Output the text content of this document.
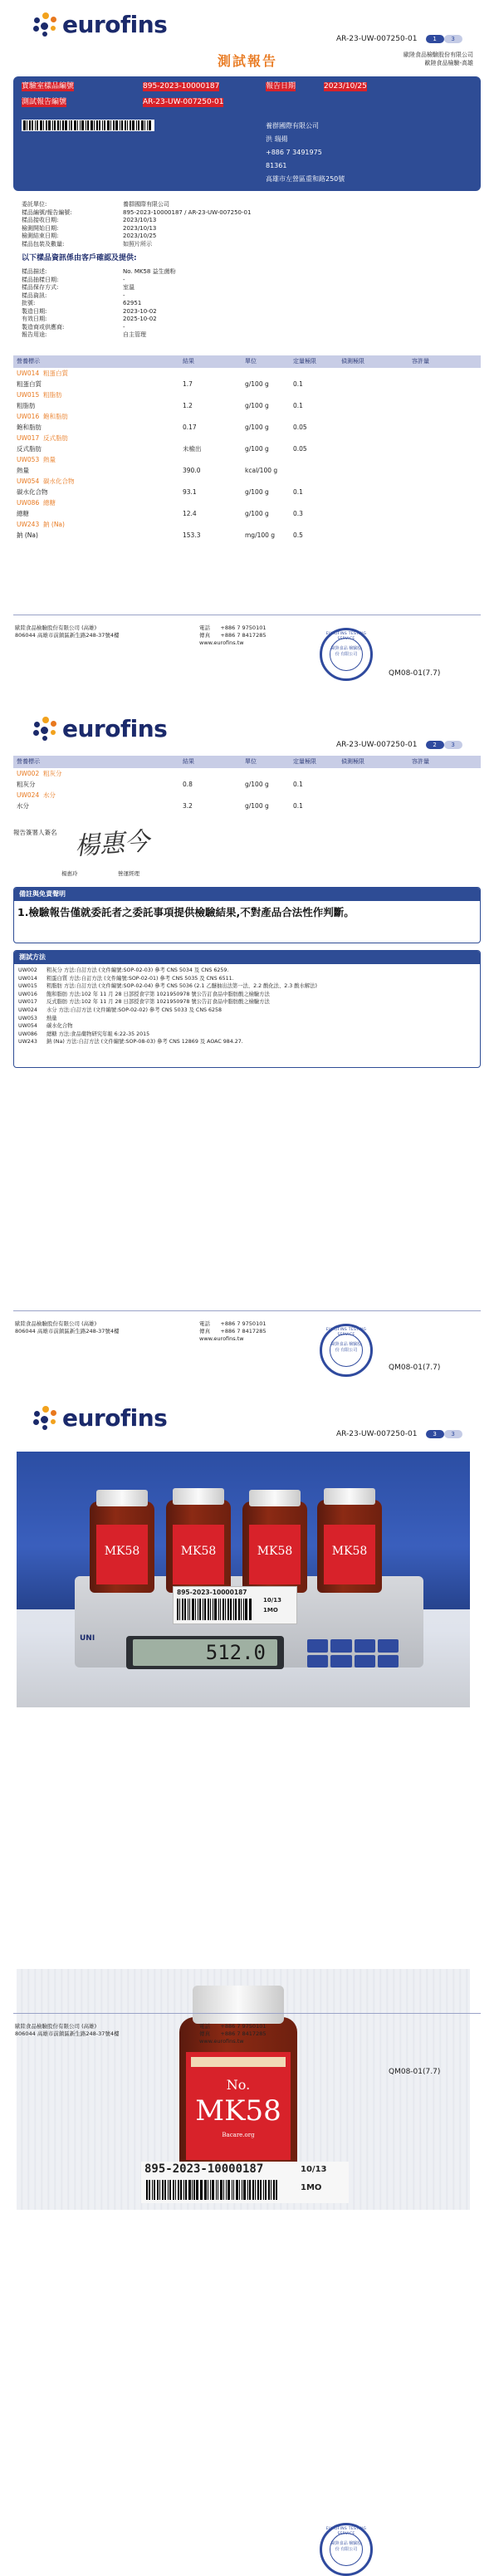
eurofins
AR-23-UW-007250-01	1	3
測試報告	歐陸食品檢驗股份有限公司
歐陸食品檢驗-高雄
實驗室樣品編號	895-2023-10000187
測試報告編號	AR-23-UW-007250-01
報告日期	2023/10/25
養群國際有限公司
洪 瑞揚
+886 7 3491975
81361
高雄市左營區重和路250號
委託單位:	養群國際有限公司
樣品編號/報告編號:	895-2023-10000187 / AR-23-UW-007250-01
樣品接收日期:	2023/10/13
檢測開始日期:	2023/10/13
檢測結束日期:	2023/10/25
樣品包裝及數量:	如照片所示
以下樣品資訊係由客戶確認及提供:
樣品描述:	No. MK58 益生菌粉
樣品抽樣日期:	-
樣品保存方式:	室溫
樣品資訊:	-
批號:	62951
製造日期:	2023-10-02
有效日期:	2025-10-02
製造商或供應商:	-
報告用途:	自主管理
營養標示	結果	單位	定量極限	偵測極限	容許量
UW014 粗蛋白質					
粗蛋白質	1.7	g/100 g	0.1		
UW015 粗脂肪					
粗脂肪	1.2	g/100 g	0.1		
UW016 飽和脂肪					
飽和脂肪	0.17	g/100 g	0.05		
UW017 反式脂肪					
反式脂肪	未檢出	g/100 g	0.05		
UW053 熱量					
熱量	390.0	kcal/100 g			
UW054 碳水化合物					
碳水化合物	93.1	g/100 g	0.1		
UW086 總糖					
總糖	12.4	g/100 g	0.3		
UW243 鈉 (Na)					
鈉 (Na)	153.3	mg/100 g	0.5		
歐陸食品檢驗股份有限公司 (高雄)
806044 高雄市前鎮區新生路248-37號4樓
電話 +886 7 9750101
傳真 +886 7 8417285
www.eurofins.tw
EUROFINS TESTING SERVICE
歐陸食品 檢驗股份 有限公司
QM08-01(7.7)
eurofins
AR-23-UW-007250-01	2	3
營養標示	結果	單位	定量極限	偵測極限	容許量
UW002 粗灰分					
粗灰分	0.8	g/100 g	0.1		
UW024 水分					
水分	3.2	g/100 g	0.1		
報告簽署人簽名 楊惠今
楊惠玲	營運經理
備註與免責聲明
1.檢驗報告僅就委託者之委託事項提供檢驗結果,不對產品合法性作判斷。
測試方法
UW002	粗灰分 方法:自訂方法 (文件編號:SOP-02-03) 參考 CNS 5034 及 CNS 6259.
UW014	粗蛋白質 方法:自訂方法 (文件編號:SOP-02-01) 參考 CNS 5035 及 CNS 6511.
UW015	粗脂肪 方法:自訂方法 (文件編號:SOP-02-04) 參考 CNS 5036 (2.1 乙醚抽出法第一法、2.2 酸化法、2.3 酸水解法)
UW016	飽和脂肪 方法:102 年 11 月 28 日部授食字第 1021950978 號公告訂食品中脂肪酸之檢驗方法
UW017	反式脂肪 方法:102 年 11 月 28 日部授食字第 1021950978 號公告訂食品中脂肪酸之檢驗方法
UW024	水分 方法:自訂方法 (文件編號:SOP-02-02) 參考 CNS 5033 及 CNS 6258
UW053	熱量
UW054	碳水化合物
UW086	總糖 方法:食品藥物研究年報 6:22-35 2015
UW243	鈉 (Na) 方法:自訂方法 (文件編號:SOP-08-03) 參考 CNS 12869 及 AOAC 984.27.
歐陸食品檢驗股份有限公司 (高雄)
806044 高雄市前鎮區新生路248-37號4樓
電話 +886 7 9750101
傳真 +886 7 8417285
www.eurofins.tw
EUROFINS TESTING SERVICE
歐陸食品 檢驗股份 有限公司
QM08-01(7.7)
eurofins
AR-23-UW-007250-01	3	3
512.0
UNI
MK58	MK58	MK58	MK58
895-2023-10000187
10/13
1MO
No.
MK58
Bacare.org
895-2023-10000187	10/13
1MO
歐陸食品檢驗股份有限公司 (高雄)
806044 高雄市前鎮區新生路248-37號4樓
電話 +886 7 9750101
傳真 +886 7 8417285
www.eurofins.tw
EUROFINS TESTING SERVICE
歐陸食品 檢驗股份 有限公司
QM08-01(7.7)
